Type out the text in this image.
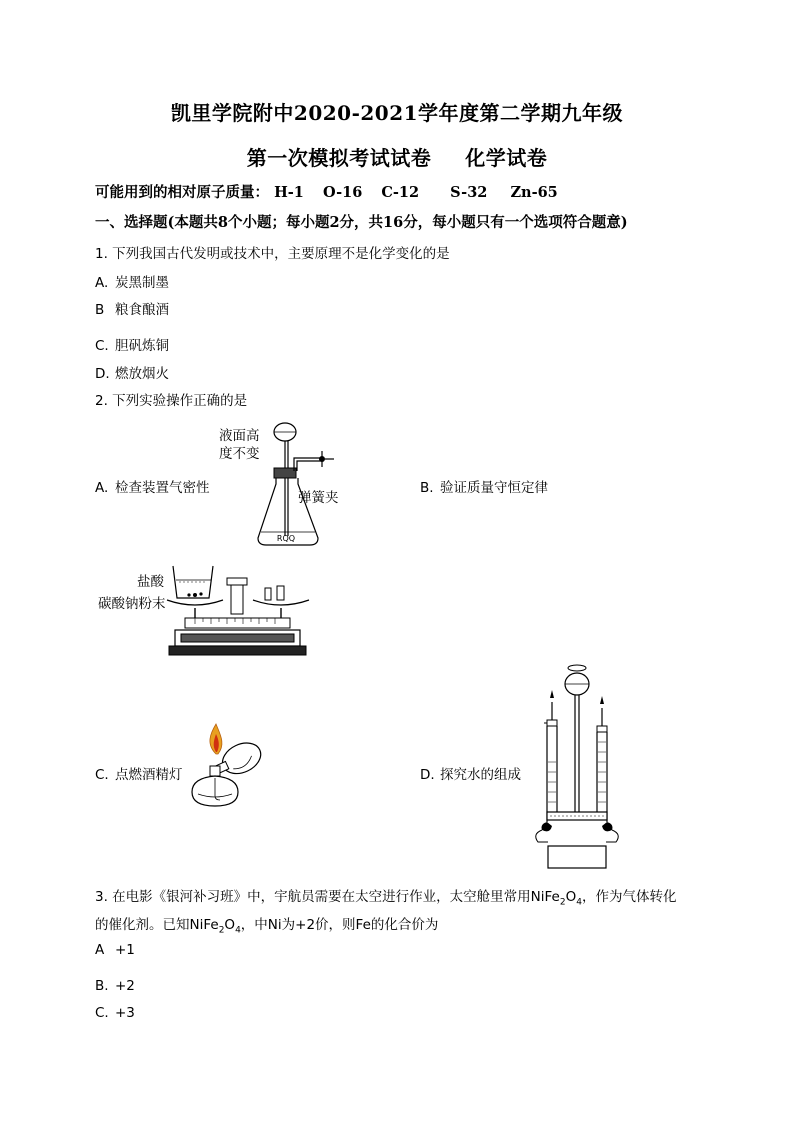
凯里学院附中2020-2021学年度第二学期九年级
第一次模拟考试试卷 化学试卷
可能用到的相对原子质量： H-1 O-16 C-12 S-32 Zn-65
一、选择题(本题共8个小题；每小题2分，共16分，每小题只有一个选项符合题意)
1. 下列我国古代发明或技术中，主要原理不是化学变化的是
A. 炭黑制墨
B 粮食酿酒
C. 胆矾炼铜
D. 燃放烟火
2. 下列实验操作正确的是
A. 检查装置气密性	B. 验证质量守恒定律
C. 点燃酒精灯	D. 探究水的组成
液面高
度不变
弹簧夹
RQQ
盐酸
碳酸钠粉末
3. 在电影《银河补习班》中，宇航员需要在太空进行作业，太空舱里常用$NiFe_2O_4$，作为气体转化
的催化剂。已知$NiFe_2O_4$，中Ni为+2价，则Fe的化合价为
A +1
B. +2
C. +3
